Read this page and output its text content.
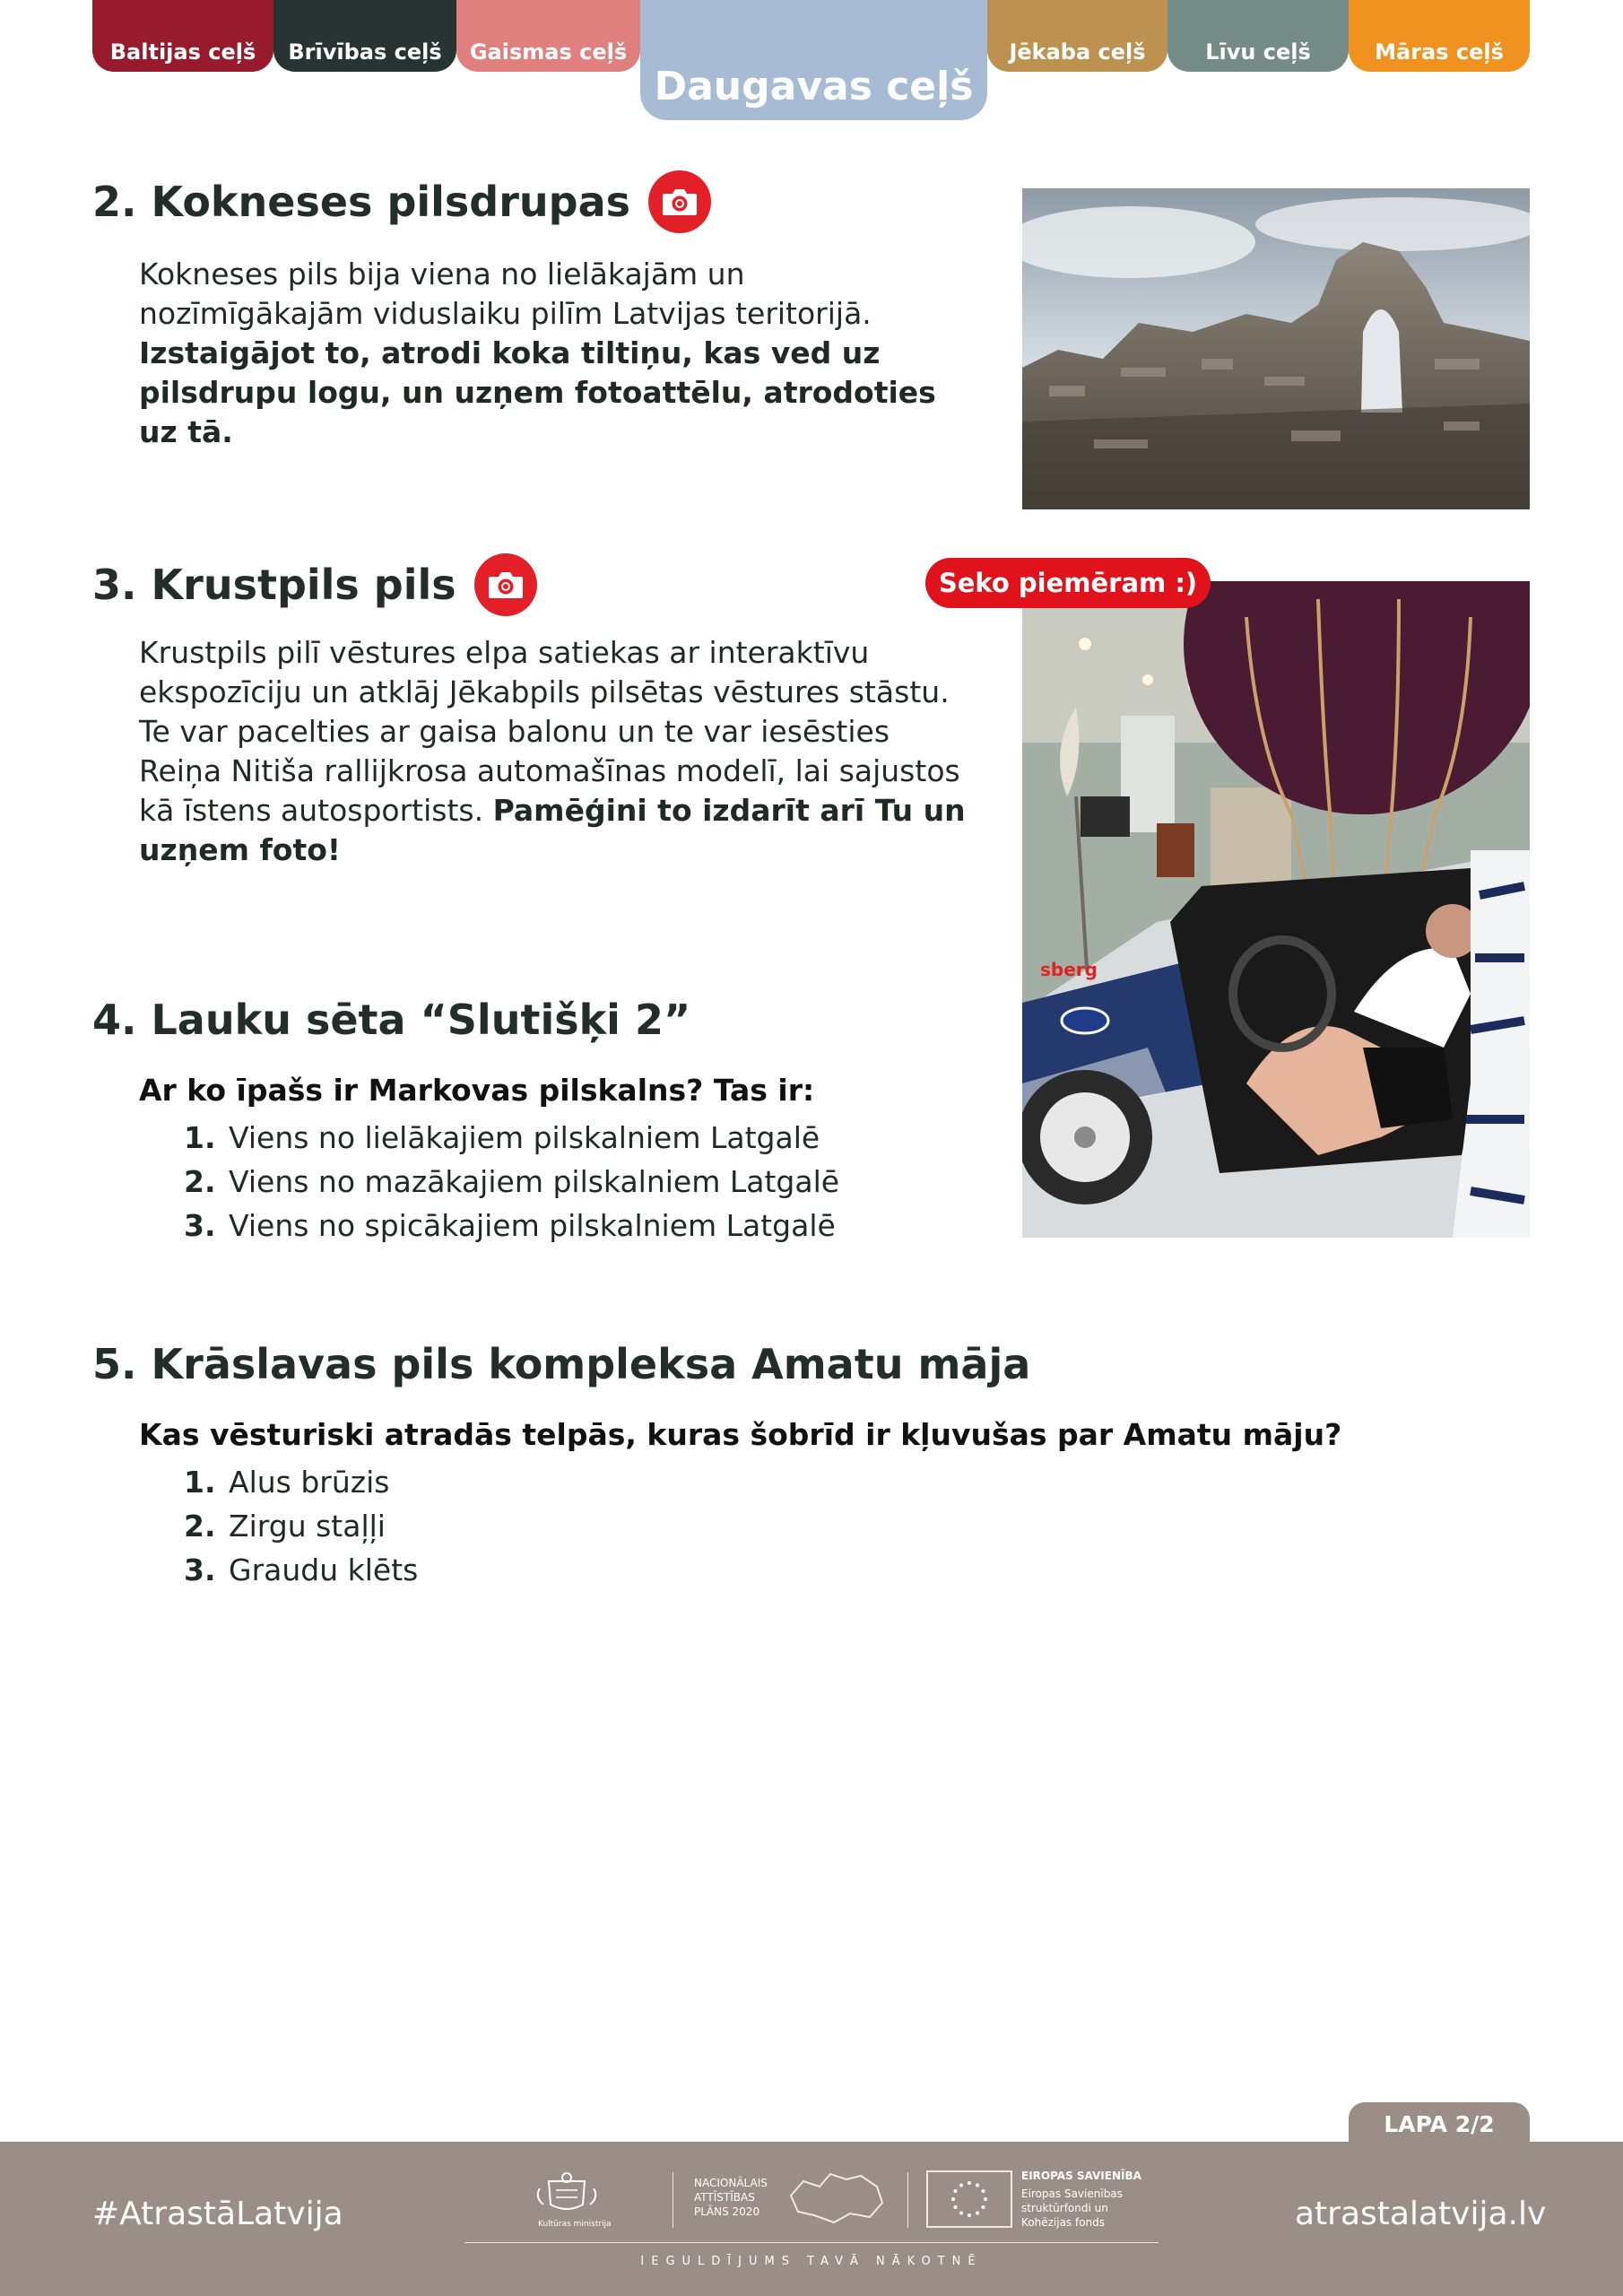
Baltijas ceļš Brīvības ceļš Gaismas ceļš
Daugavas ceļš
Jēkaba ceļš	Līvu ceļš	Māras ceļš
2. Kokneses pilsdrupas

Kokneses pils bija viena no lielākajām un nozīmīgākajām viduslaiku pilīm Latvijas teritorijā. Izstaigājot to, atrodi koka tiltiņu, kas ved uz pilsdrupu logu, un uzņem fotoattēlu, atrodoties uz tā.

3. Krustpils pils

Krustpils pilī vēstures elpa satiekas ar interaktīvu ekspozīciju un atklāj Jēkabpils pilsētas vēstures stāstu. Te var pacelties ar gaisa balonu un te var iesēsties Reiņa Nitiša rallijkrosa automašīnas modelī, lai sajustos kā īstens autosportists. Pamēģini to izdarīt arī Tu un uzņem foto!

Seko piemēram :)
sberg
4. Lauku sēta “Slutišķi 2”
Ar ko īpašs ir Markovas pilskalns? Tas ir:
1. Viens no lielākajiem pilskalniem Latgalē
2. Viens no mazākajiem pilskalniem Latgalē
3. Viens no spicākajiem pilskalniem Latgalē
5. Krāslavas pils kompleksa Amatu māja
Kas vēsturiski atradās telpās, kuras šobrīd ir kļuvušas par Amatu māju?
1. Alus brūzis
2. Zirgu staļļi
3. Graudu klēts
LAPA 2/2
#AtrastāLatvija	atrastalatvija.lv
Kultūras ministrija
NACIONĀLAIS
ATTĪSTĪBAS
PLĀNS 2020
EIROPAS SAVIENĪBA
Eiropas Savienības
struktūrfondi un
Kohēzijas fonds
IEGULDĪJUMS TAVĀ NĀKOTNĒ
